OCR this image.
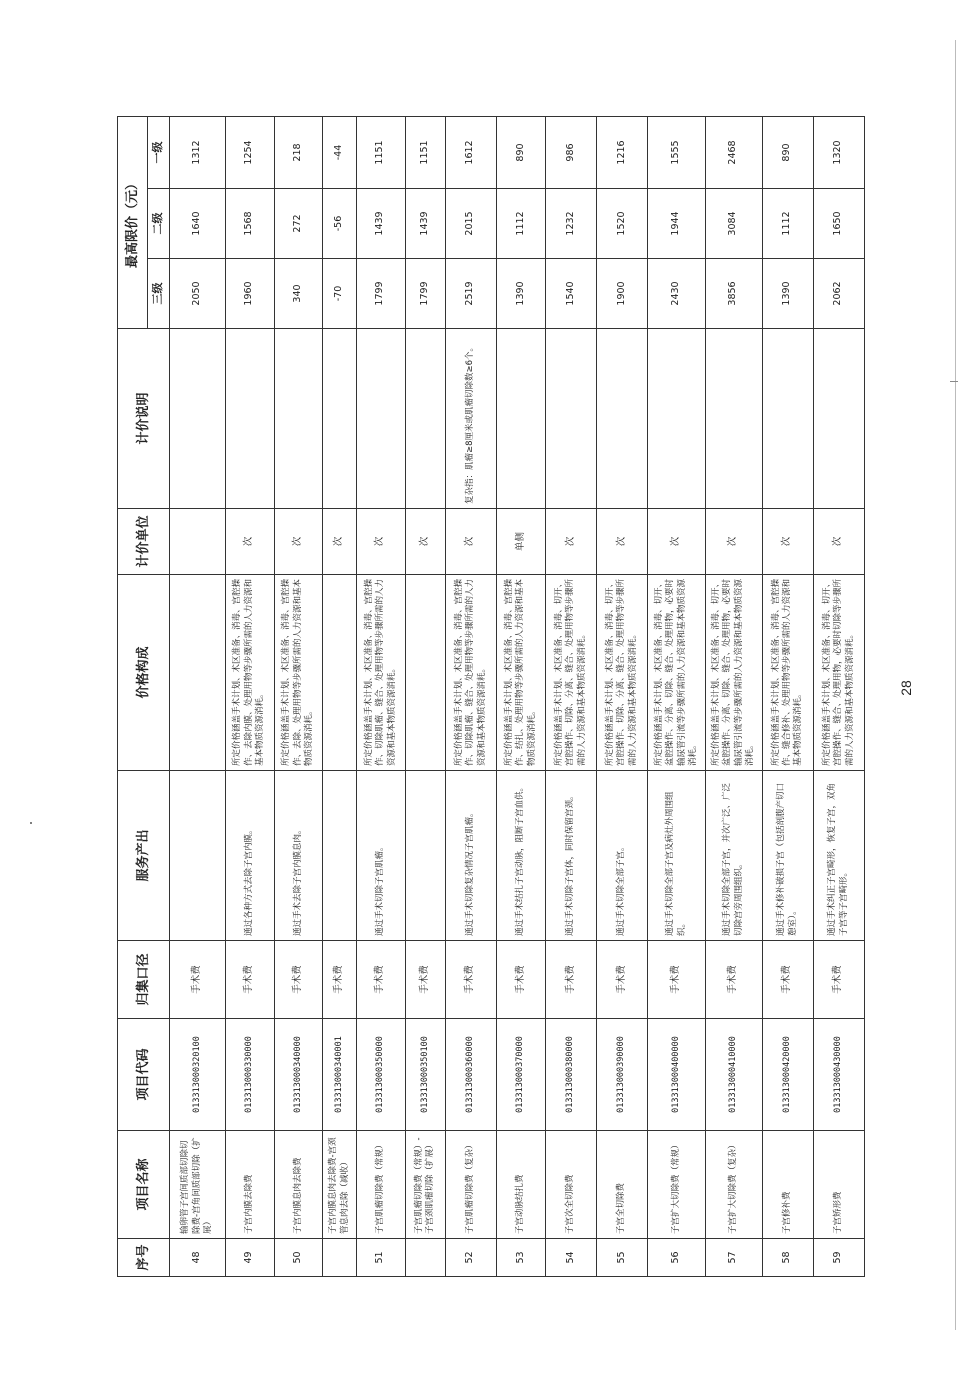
序号	项目名称	项目代码	归集口径	服务产出	价格构成	计价单位	计价说明	最高限价（元）		
								三级	二级	一级
48	输卵管子宫间质部切除切除费-宫角间质部切除（扩展）	013313000320100	手术费					2050	1640	1312
49	子宫内膜去除费	013313000330000	手术费	通过各种方式去除子宫内膜。	所定价格涵盖手术计划、术区准备、消毒、宫腔操作、去除内膜、处理用物等步骤所需的人力资源和基本物质资源消耗。	次		1960	1568	1254
50	子宫内膜息肉去除费	013313000340000	手术费	通过手术去除子宫内膜息肉。	所定价格涵盖手术计划、术区准备、消毒、宫腔操作、去除、处理用物等步骤所需的人力资源和基本物质资源消耗。	次		340	272	218
	子宫内膜息肉去除费-宫颈管息肉去除（减收）	013313000340001	手术费			次		-70	-56	-44
51	子宫肌瘤切除费（常规）	013313000350000	手术费	通过手术切除子宫肌瘤。	所定价格涵盖手术计划、术区准备、消毒、宫腔操作、切除肌瘤、缝合、处理用物等步骤所需的人力资源和基本物质资源消耗。	次		1799	1439	1151
	子宫肌瘤切除费（常规）-子宫颈肌瘤切除（扩展）	013313000350100	手术费			次		1799	1439	1151
52	子宫肌瘤切除费（复杂）	013313000360000	手术费	通过手术切除复杂情况子宫肌瘤。	所定价格涵盖手术计划、术区准备、消毒、宫腔操作、切除肌瘤、缝合、处理用物等步骤所需的人力资源和基本物质资源消耗。	次	复杂指：肌瘤≥8厘米或肌瘤切除数≥6个。	2519	2015	1612
53	子宫动脉结扎费	013313000370000	手术费	通过手术结扎子宫动脉，阻断子宫血供。	所定价格涵盖手术计划、术区准备、消毒、宫腔操作、结扎、处理用物等步骤所需的人力资源和基本物质资源消耗。	单侧		1390	1112	890
54	子宫次全切除费	013313000380000	手术费	通过手术切除子宫体，同时保留宫颈。	所定价格涵盖手术计划、术区准备、消毒、切开、宫腔操作、切除、分离、缝合、处理用物等步骤所需的人力资源和基本物质资源消耗。	次		1540	1232	986
55	子宫全切除费	013313000390000	手术费	通过手术切除全部子宫。	所定价格涵盖手术计划、术区准备、消毒、切开、宫腔操作、切除、分离、缝合、处理用物等步骤所需的人力资源和基本物质资源消耗。	次		1900	1520	1216
56	子宫扩大切除费（常规）	013313000400000	手术费	通过手术切除全部子宫及病灶外周围组织。	所定价格涵盖手术计划、术区准备、消毒、切开、盆腔操作、分离、切除、缝合、处理用物，必要时输尿管引流等步骤所需的人力资源和基本物质资源消耗。	次		2430	1944	1555
57	子宫扩大切除费（复杂）	013313000410000	手术费	通过手术切除全部子宫，并次广泛、广泛切除宫旁周围组织。	所定价格涵盖手术计划、术区准备、消毒、切开、盆腔操作、分离、切除、缝合、处理用物，必要时输尿管引流等步骤所需的人力资源和基本物质资源消耗。	次		3856	3084	2468
58	子宫修补费	013313000420000	手术费	通过手术修补破损子宫（包括剖腹产切口憩室）。	所定价格涵盖手术计划、术区准备、消毒、宫腔操作、缝合修补、处理用物等步骤所需的人力资源和基本物质资源消耗。	次		1390	1112	890
59	子宫矫形费	013313000430000	手术费	通过手术纠正子宫畸形，恢复子宫，双角子宫等子宫畸形。	所定价格涵盖手术计划、术区准备、消毒、切开、宫腔操作、缝合、处理用物，必要时切除等步骤所需的人力资源和基本物质资源消耗。	次		2062	1650	1320
28
